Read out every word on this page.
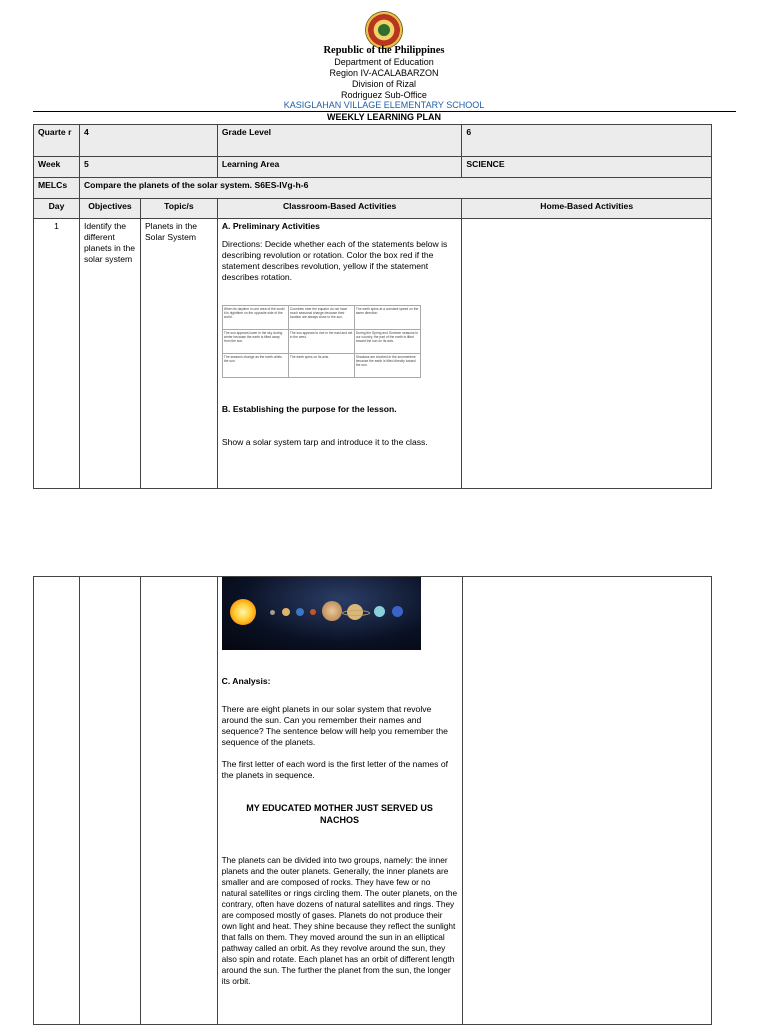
Republic of the Philippines
Department of Education
Region IV-ACALABARZON
Division of Rizal
Rodriguez Sub-Office
KASIGLAHAN VILLAGE ELEMENTARY SCHOOL
WEEKLY LEARNING PLAN
Quarte r	4	Grade Level	6
Week	5	Learning Area	SCIENCE
MELCs	Compare the planets of the solar system. S6ES-IVg-h-6
Day	Objectives	Topic/s	Classroom-Based Activities	Home-Based Activities
1	Identify the different planets in the solar system	Planets in the Solar System	
A. Preliminary Activities
Directions: Decide whether each of the statements below is describing revolution or rotation. Color the box red if the statement describes revolution, yellow if the statement describes rotation.
When its daytime in one area of the world it is nighttime on the opposite side of the world.	Countries near the equator do not have much seasonal change because their location are always close to the sun.	The earth spins at a constant speed on the same direction.
The sun appears lower in the sky during winter because the earth is tilted away from the sun.	The sun appears to rise in the east and set in the west.	During the Spring and Summer seasons in our country, the part of the earth is tilted toward the sun on its axis.
The seasons change as the earth orbits the sun.	The earth spins on its axis.	Shadows are shortest in the summertime because the earth is tilted directly toward the sun.
B. Establishing the purpose for the lesson.
Show a solar system tarp and introduce it to the class.

C. Analysis:
There are eight planets in our solar system that revolve around the sun. Can you remember their names and sequence? The sentence below will help you remember the sequence of the planets.
The first letter of each word is the first letter of the names of the planets in sequence.
MY EDUCATED MOTHER JUST SERVED US
NACHOS
The planets can be divided into two groups, namely: the inner planets and the outer planets. Generally, the inner planets are smaller and are composed of rocks. They have few or no natural satellites or rings circling them. The outer planets, on the contrary, often have dozens of natural satellites and rings. They are composed mostly of gases. Planets do not produce their own light and heat. They shine because they reflect the sunlight that falls on them. They moved around the sun in an elliptical pathway called an orbit. As they revolve around the sun, they also spin and rotate. Each planet has an orbit of different length around the sun. The further the planet from the sun, the longer its orbit.
